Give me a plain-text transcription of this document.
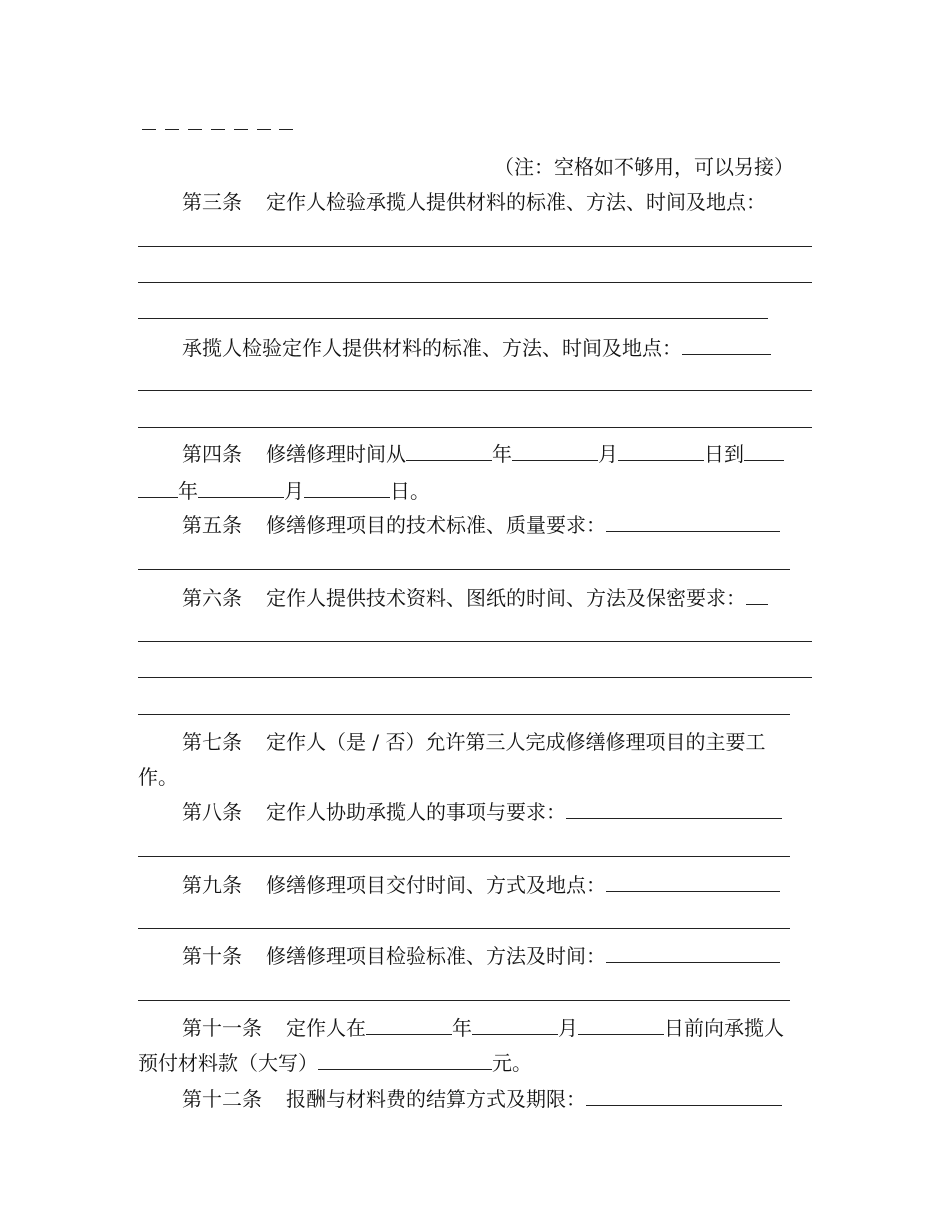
（注：空格如不够用，可以另接）
第三条 定作人检验承揽人提供材料的标准、方法、时间及地点：
承揽人检验定作人提供材料的标准、方法、时间及地点：
第四条 修缮修理时间从	年	月	日到
年	月	日。
第五条 修缮修理项目的技术标准、质量要求：
第六条 定作人提供技术资料、图纸的时间、方法及保密要求：
第七条 定作人（是 / 否）允许第三人完成修缮修理项目的主要工
作。
第八条 定作人协助承揽人的事项与要求：
第九条 修缮修理项目交付时间、方式及地点：
第十条 修缮修理项目检验标准、方法及时间：
第十一条 定作人在	年	月	日前向承揽人
预付材料款（大写）	元。
第十二条 报酬与材料费的结算方式及期限：
